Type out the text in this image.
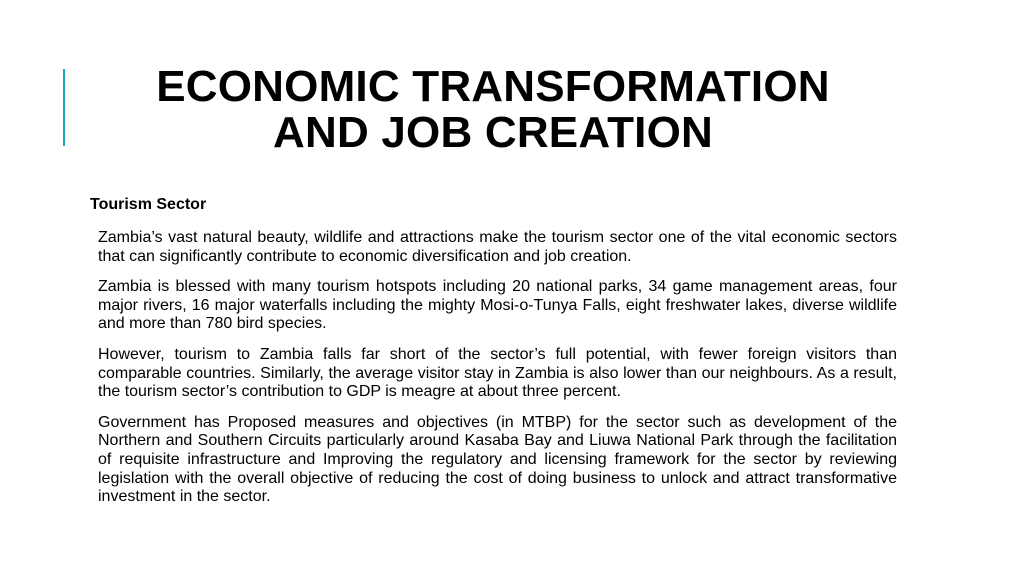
ECONOMIC TRANSFORMATION
AND JOB CREATION
Tourism Sector

Zambia’s vast natural beauty, wildlife and attractions make the tourism sector one of the vital economic sectors that can significantly contribute to economic diversification and job creation.

Zambia is blessed with many tourism hotspots including 20 national parks, 34 game management areas, four major rivers, 16 major waterfalls including the mighty Mosi-o-Tunya Falls, eight freshwater lakes, diverse wildlife and more than 780 bird species.

However, tourism to Zambia falls far short of the sector’s full potential, with fewer foreign visitors than comparable countries. Similarly, the average visitor stay in Zambia is also lower than our neighbours. As a result, the tourism sector’s contribution to GDP is meagre at about three percent.

Government has Proposed measures and objectives (in MTBP) for the sector such as development of the Northern and Southern Circuits particularly around Kasaba Bay and Liuwa National Park through the facilitation of requisite infrastructure and Improving the regulatory and licensing framework for the sector by reviewing legislation with the overall objective of reducing the cost of doing business to unlock and attract transformative investment in the sector.
